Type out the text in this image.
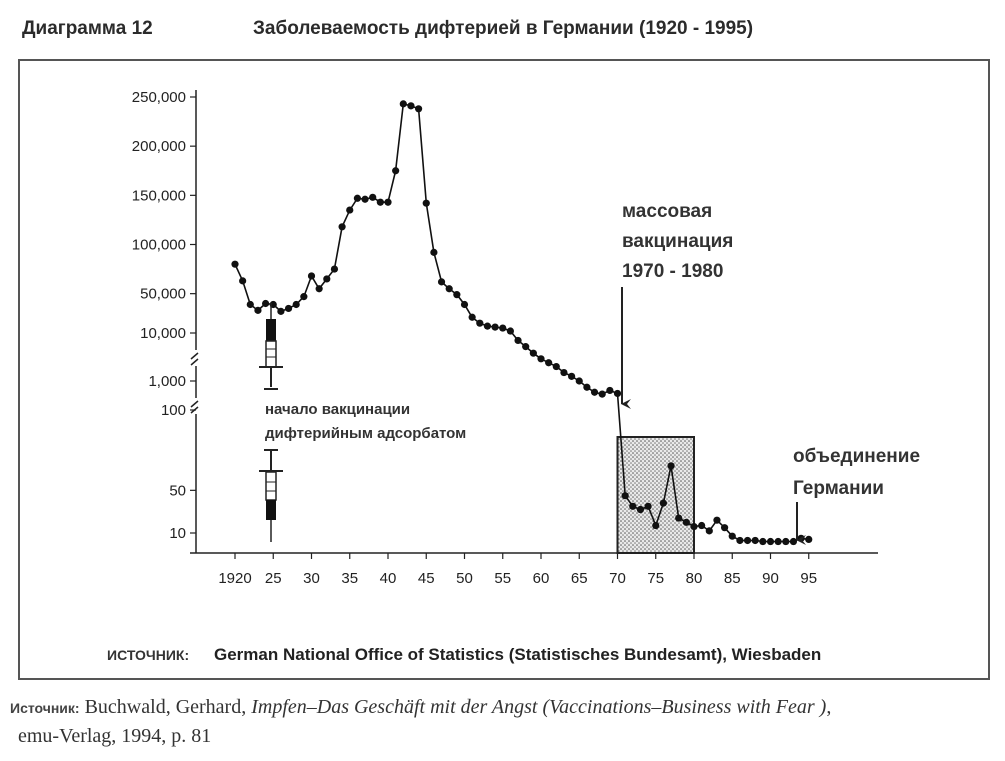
Диаграмма 12	Заболеваемость дифтерией в Германии (1920 - 1995)
250,000
200,000
150,000
100,000
50,000
10,000
1,000
100
50
10
1920 25 30 35 40 45 50 55 60 65 70 75 80 85 90 95
начало вакцинации
дифтерийным адсорбатом
массовая
вакцинация
1970 - 1980
объединение
Германии
ИСТОЧНИК: German National Office of Statistics (Statistisches Bundesamt), Wiesbaden
Источник: Buchwald, Gerhard, Impfen–Das Geschäft mit der Angst (Vaccinations–Business with Fear ),
emu-Verlag, 1994, p. 81
